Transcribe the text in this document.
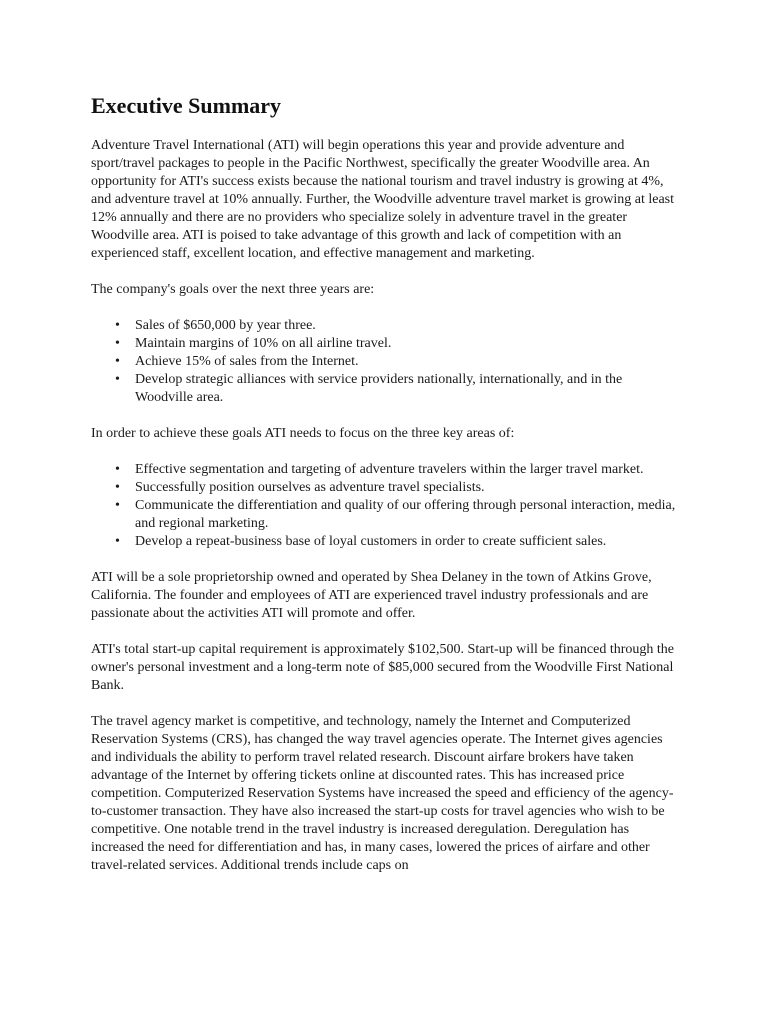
Executive Summary

Adventure Travel International (ATI) will begin operations this year and provide adventure and sport/travel packages to people in the Pacific Northwest, specifically the greater Woodville area. An opportunity for ATI's success exists because the national tourism and travel industry is growing at 4%, and adventure travel at 10% annually. Further, the Woodville adventure travel market is growing at least 12% annually and there are no providers who specialize solely in adventure travel in the greater Woodville area. ATI is poised to take advantage of this growth and lack of competition with an experienced staff, excellent location, and effective management and marketing.

The company's goals over the next three years are:

• Sales of $650,000 by year three.
• Maintain margins of 10% on all airline travel.
• Achieve 15% of sales from the Internet.
• Develop strategic alliances with service providers nationally, internationally, and in the Woodville area.

In order to achieve these goals ATI needs to focus on the three key areas of:

• Effective segmentation and targeting of adventure travelers within the larger travel market.
• Successfully position ourselves as adventure travel specialists.
• Communicate the differentiation and quality of our offering through personal interaction, media, and regional marketing.
• Develop a repeat-business base of loyal customers in order to create sufficient sales.

ATI will be a sole proprietorship owned and operated by Shea Delaney in the town of Atkins Grove, California. The founder and employees of ATI are experienced travel industry professionals and are passionate about the activities ATI will promote and offer.

ATI's total start-up capital requirement is approximately $102,500. Start-up will be financed through the owner's personal investment and a long-term note of $85,000 secured from the Woodville First National Bank.

The travel agency market is competitive, and technology, namely the Internet and Computerized Reservation Systems (CRS), has changed the way travel agencies operate. The Internet gives agencies and individuals the ability to perform travel related research. Discount airfare brokers have taken advantage of the Internet by offering tickets online at discounted rates. This has increased price competition. Computerized Reservation Systems have increased the speed and efficiency of the agency-to-customer transaction. They have also increased the start-up costs for travel agencies who wish to be competitive. One notable trend in the travel industry is increased deregulation. Deregulation has increased the need for differentiation and has, in many cases, lowered the prices of airfare and other travel-related services. Additional trends include caps on
